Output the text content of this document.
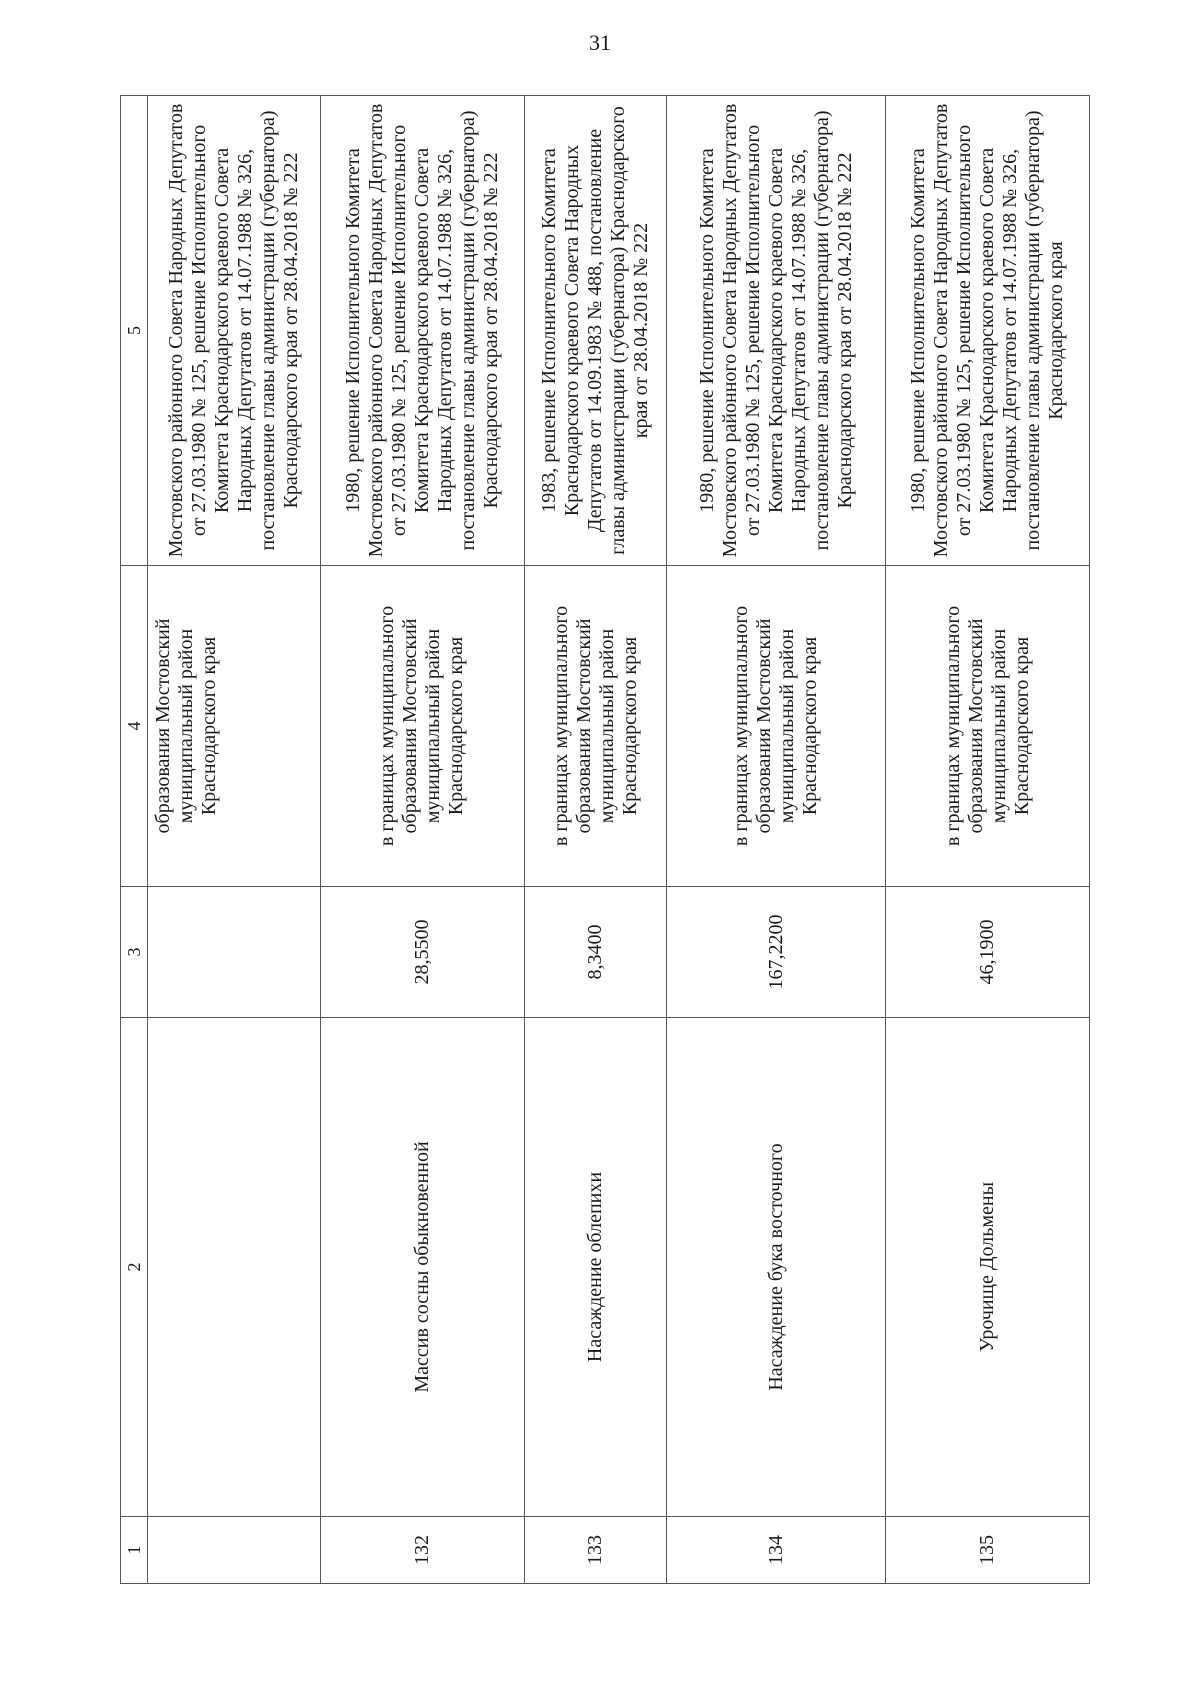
31
1	2	3	4	5
			образования Мостовский муниципальный район Краснодарского края	Мостовского районного Совета Народных Депутатов от 27.03.1980 № 125, решение Исполнительного Комитета Краснодарского краевого Совета Народных Депутатов от 14.07.1988 № 326, постановление главы администрации (губернатора) Краснодарского края от 28.04.2018 № 222
132	Массив сосны обыкновенной	28,5500	в границах муниципального образования Мостовский муниципальный район Краснодарского края	1980, решение Исполнительного Комитета Мостовского районного Совета Народных Депутатов от 27.03.1980 № 125, решение Исполнительного Комитета Краснодарского краевого Совета Народных Депутатов от 14.07.1988 № 326, постановление главы администрации (губернатора) Краснодарского края от 28.04.2018 № 222
133	Насаждение облепихи	8,3400	в границах муниципального образования Мостовский муниципальный район Краснодарского края	1983, решение Исполнительного Комитета Краснодарского краевого Совета Народных Депутатов от 14.09.1983 № 488, постановление главы администрации (губернатора) Краснодарского края от 28.04.2018 № 222
134	Насаждение бука восточного	167,2200	в границах муниципального образования Мостовский муниципальный район Краснодарского края	1980, решение Исполнительного Комитета Мостовского районного Совета Народных Депутатов от 27.03.1980 № 125, решение Исполнительного Комитета Краснодарского краевого Совета Народных Депутатов от 14.07.1988 № 326, постановление главы администрации (губернатора) Краснодарского края от 28.04.2018 № 222
135	Урочище Дольмены	46,1900	в границах муниципального образования Мостовский муниципальный район Краснодарского края	1980, решение Исполнительного Комитета Мостовского районного Совета Народных Депутатов от 27.03.1980 № 125, решение Исполнительного Комитета Краснодарского краевого Совета Народных Депутатов от 14.07.1988 № 326, постановление главы администрации (губернатора) Краснодарского края
